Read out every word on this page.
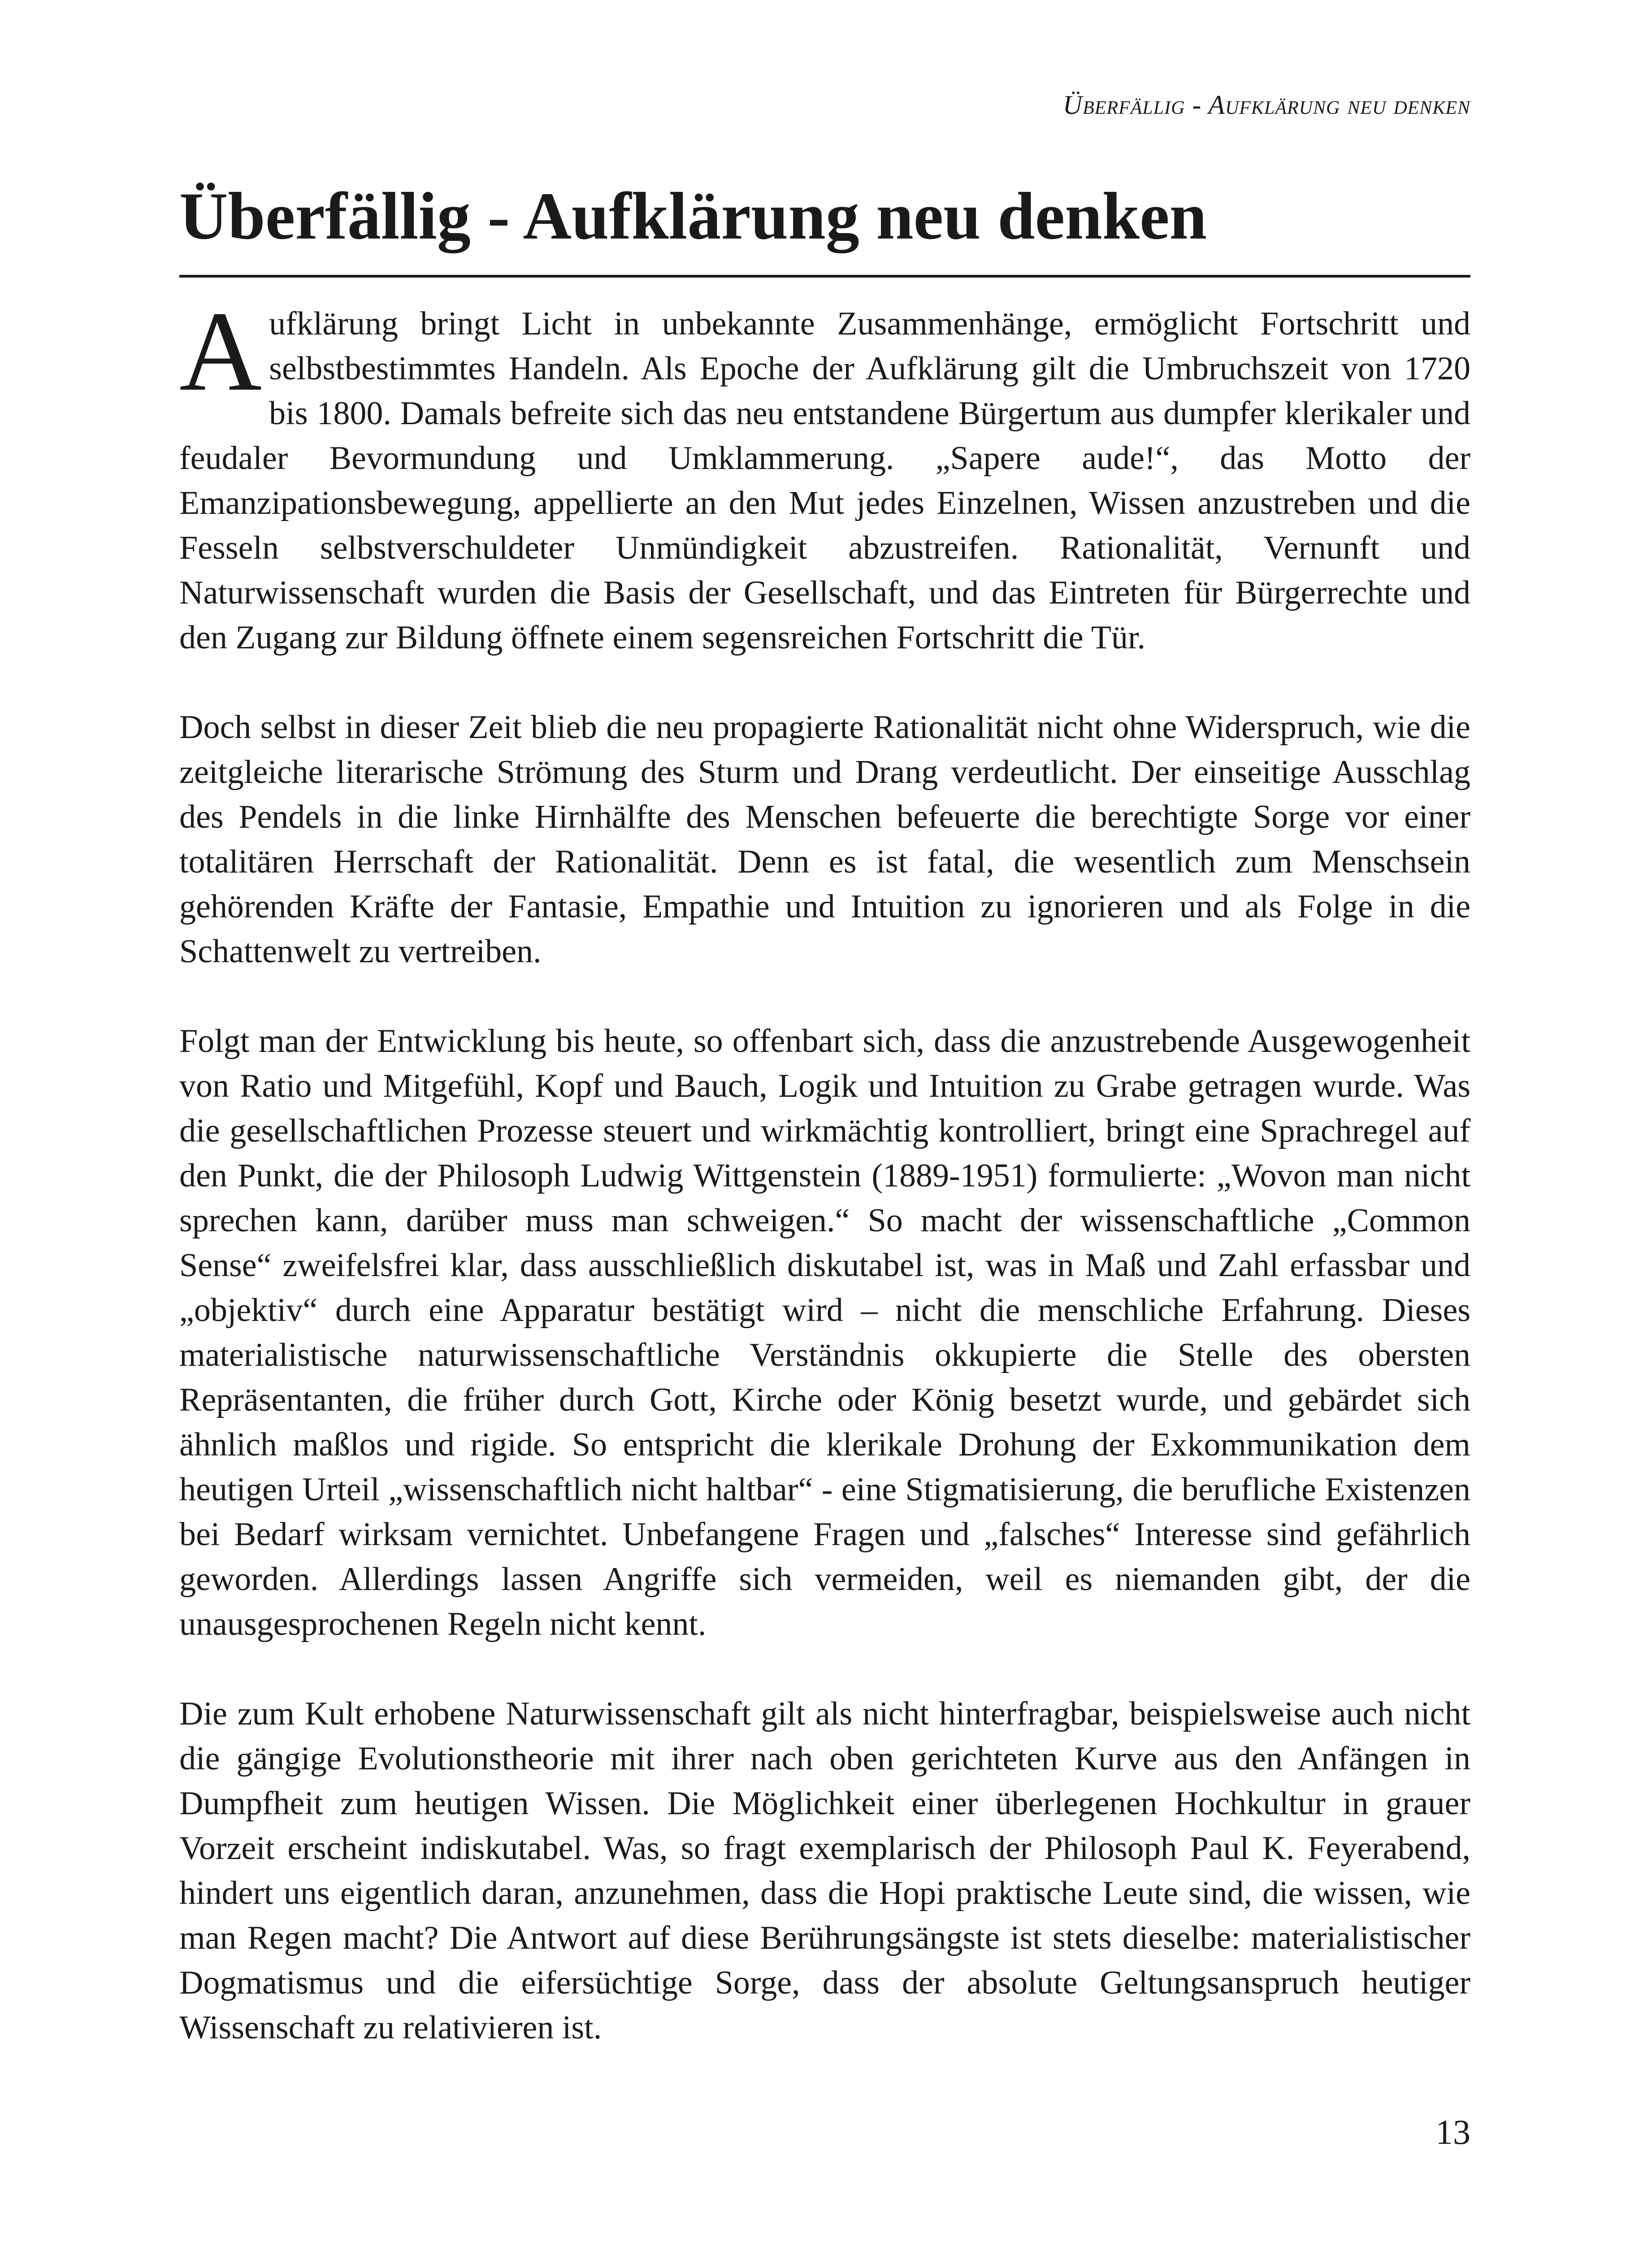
Überfällig - Aufklärung neu denken
Überfällig - Aufklärung neu denken

A ufklärung bringt Licht in unbekannte Zusammenhänge, ermöglicht Fortschritt und selbstbestimmtes Handeln. Als Epoche der Aufklärung gilt die Umbruchszeit von 1720 bis 1800. Damals befreite sich das neu entstandene Bürgertum aus dumpfer klerikaler und feudaler Bevormundung und Umklammerung. „Sapere aude!“, das Motto der Emanzipationsbewegung, appellierte an den Mut jedes Einzelnen, Wissen anzustreben und die Fesseln selbstverschuldeter Unmündigkeit abzustreifen. Rationalität, Vernunft und Naturwissenschaft wurden die Basis der Gesellschaft, und das Eintreten für Bürgerrechte und den Zugang zur Bildung öffnete einem segensreichen Fortschritt die Tür.

Doch selbst in dieser Zeit blieb die neu propagierte Rationalität nicht ohne Widerspruch, wie die zeitgleiche literarische Strömung des Sturm und Drang verdeutlicht. Der einseitige Ausschlag des Pendels in die linke Hirnhälfte des Menschen befeuerte die berechtigte Sorge vor einer totalitären Herrschaft der Rationalität. Denn es ist fatal, die wesentlich zum Menschsein gehörenden Kräfte der Fantasie, Empathie und Intuition zu ignorieren und als Folge in die Schattenwelt zu vertreiben.

Folgt man der Entwicklung bis heute, so offenbart sich, dass die anzustrebende Ausgewogenheit von Ratio und Mitgefühl, Kopf und Bauch, Logik und Intuition zu Grabe getragen wurde. Was die gesellschaftlichen Prozesse steuert und wirkmächtig kontrolliert, bringt eine Sprachregel auf den Punkt, die der Philosoph Ludwig Wittgenstein (1889-1951) formulierte: „Wovon man nicht sprechen kann, darüber muss man schweigen.“ So macht der wissenschaftliche „Common Sense“ zweifelsfrei klar, dass ausschließlich diskutabel ist, was in Maß und Zahl erfassbar und „objektiv“ durch eine Apparatur bestätigt wird – nicht die menschliche Erfahrung. Dieses materialistische naturwissenschaftliche Verständnis okkupierte die Stelle des obersten Repräsentanten, die früher durch Gott, Kirche oder König besetzt wurde, und gebärdet sich ähnlich maßlos und rigide. So entspricht die klerikale Drohung der Exkommunikation dem heutigen Urteil „wissenschaftlich nicht haltbar“ - eine Stigmatisierung, die berufliche Existenzen bei Bedarf wirksam vernichtet. Unbefangene Fragen und „falsches“ Interesse sind gefährlich geworden. Allerdings lassen Angriffe sich vermeiden, weil es niemanden gibt, der die unausgesprochenen Regeln nicht kennt.

Die zum Kult erhobene Naturwissenschaft gilt als nicht hinterfragbar, beispielsweise auch nicht die gängige Evolutionstheorie mit ihrer nach oben gerichteten Kurve aus den Anfängen in Dumpfheit zum heutigen Wissen. Die Möglichkeit einer überlegenen Hochkultur in grauer Vorzeit erscheint indiskutabel. Was, so fragt exemplarisch der Philosoph Paul K. Feyerabend, hindert uns eigentlich daran, anzunehmen, dass die Hopi praktische Leute sind, die wissen, wie man Regen macht? Die Antwort auf diese Berührungsängste ist stets dieselbe: materialistischer Dogmatismus und die eifersüchtige Sorge, dass der absolute Geltungsanspruch heutiger Wissenschaft zu relativieren ist.

13
